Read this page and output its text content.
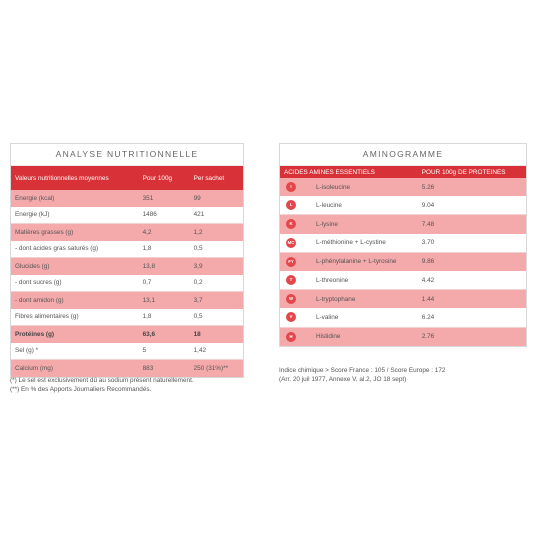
ANALYSE NUTRITIONNELLE
Valeurs nutritionnelles moyennes	Pour 100g	Per sachet
Energie (kcal)	351	99
Energie (kJ)	1486	421
Matières grasses (g)	4,2	1,2
- dont acides gras saturés (g)	1,8	0,5
Glucides (g)	13,8	3,9
- dont sucres (g)	0,7	0,2
- dont amidon (g)	13,1	3,7
Fibres alimentaires (g)	1,8	0,5
Protéines (g)	63,6	18
Sel (g) *	5	1,42
Calcium (mg)	883	250 (31%)**
AMINOGRAMME
ACIDES AMINES ESSENTIELS		POUR 100g DE PROTEINES
I	L-isoleucine	5.26
L	L-leucine	9.04
K	L-lysine	7.48
MC	L-méthionine + L-cystine	3.70
FY	L-phénylalanine + L-tyrosine	9.86
T	L-threonine	4.42
W	L-tryptophane	1.44
V	L-valine	6.24
H	Histidine	2.76
(*) Le sel est exclusivement dû au sodium présent naturellement.
(**) En % des Apports Journaliers Recommandés.
Indice chimique > Score France : 105 / Score Europe : 172
(Arr. 20 juil 1977, Annexe V, al.2, JO 18 sept)
